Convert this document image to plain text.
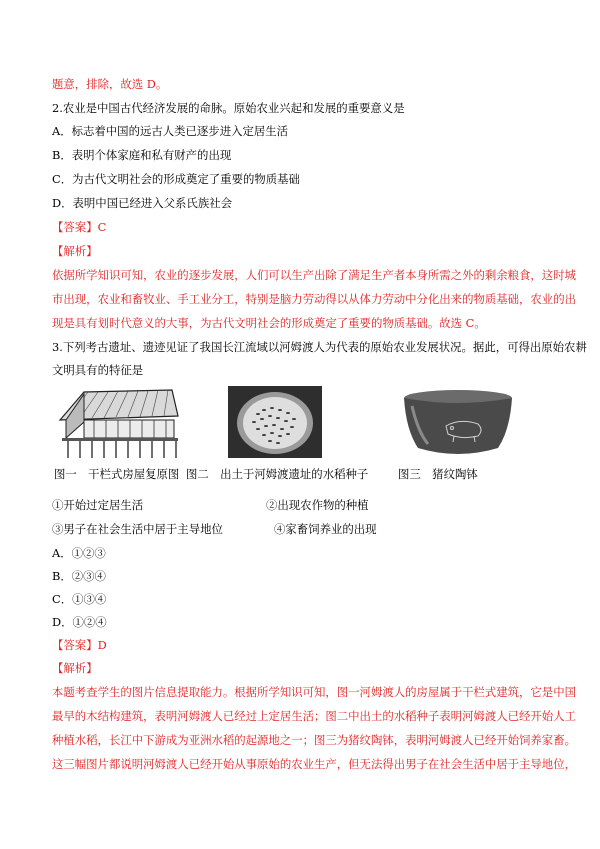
题意，排除，故选 D。
2.农业是中国古代经济发展的命脉。原始农业兴起和发展的重要意义是
A．标志着中国的远古人类已逐步进入定居生活
B．表明个体家庭和私有财产的出现
C．为古代文明社会的形成奠定了重要的物质基础
D．表明中国已经进入父系氏族社会
【答案】C
【解析】
依据所学知识可知，农业的逐步发展，人们可以生产出除了满足生产者本身所需之外的剩余粮食，这时城
市出现，农业和畜牧业、手工业分工，特别是脑力劳动得以从体力劳动中分化出来的物质基础，农业的出
现是具有划时代意义的大事，为古代文明社会的形成奠定了重要的物质基础。故选 C。
3.下列考古遗址、遗迹见证了我国长江流域以河姆渡人为代表的原始农业发展状况。据此，可得出原始农耕
文明具有的特征是
图一　干栏式房屋复原图 图二　出土于河姆渡遗址的水稻种子	图三　猪纹陶钵
①开始过定居生活	②出现农作物的种植
③男子在社会生活中居于主导地位	④家畜饲养业的出现
A．①②③
B．②③④
C．①③④
D．①②④
【答案】D
【解析】
本题考查学生的图片信息提取能力。根据所学知识可知，图一河姆渡人的房屋属于干栏式建筑，它是中国
最早的木结构建筑，表明河姆渡人已经过上定居生活；图二中出土的水稻种子表明河姆渡人已经开始人工
种植水稻，长江中下游成为亚洲水稻的起源地之一；图三为猪纹陶钵，表明河姆渡人已经开始饲养家畜。
这三幅图片都说明河姆渡人已经开始从事原始的农业生产，但无法得出男子在社会生活中居于主导地位，
